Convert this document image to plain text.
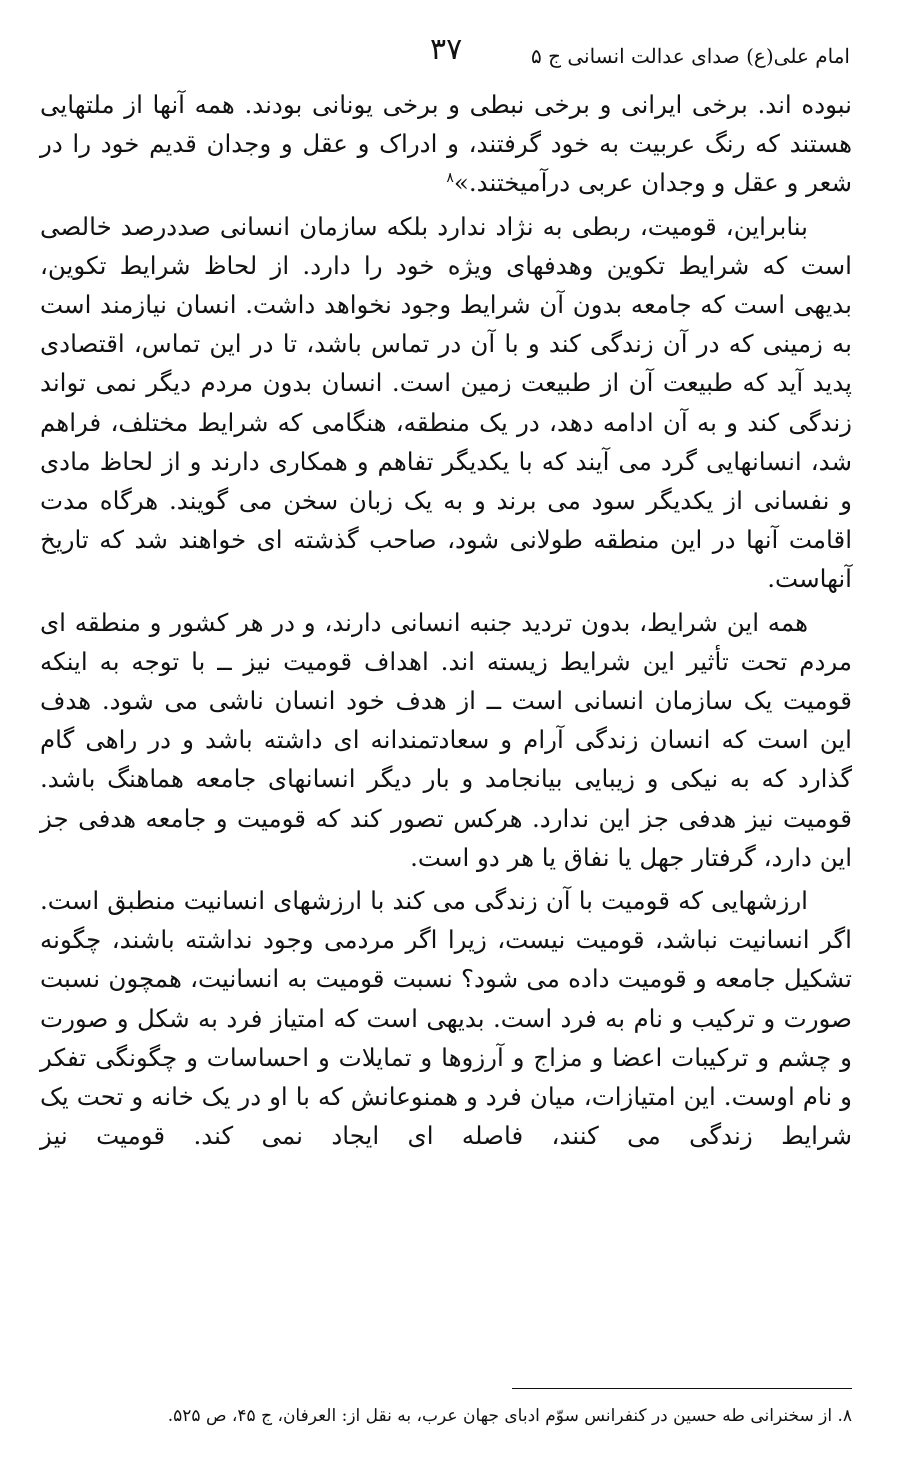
امام علی(ع) صدای عدالت انسانی ج ۵
۳۷

نبوده اند. برخی ایرانی و برخی نبطی و برخی یونانی بودند. همه آنها از ملتهایی هستند که رنگ عربیت به خود گرفتند، و ادراک و عقل و وجدان قدیم خود را در شعر و عقل و وجدان عربی درآمیختند.»$^۸$

بنابراین، قومیت، ربطی به نژاد ندارد بلکه سازمان انسانی صددرصد خالصی است که شرایط تکوین وهدفهای ویژه خود را دارد. از لحاظ شرایط تکوین، بدیهی است که جامعه بدون آن شرایط وجود نخواهد داشت. انسان نیازمند است به زمینی که در آن زندگی کند و با آن در تماس باشد، تا در این تماس، اقتصادی پدید آید که طبیعت آن از طبیعت زمین است. انسان بدون مردم دیگر نمی تواند زندگی کند و به آن ادامه دهد، در یک منطقه، هنگامی که شرایط مختلف، فراهم شد، انسانهایی گرد می آیند که با یکدیگر تفاهم و همکاری دارند و از لحاظ مادی و نفسانی از یکدیگر سود می برند و به یک زبان سخن می گویند. هرگاه مدت اقامت آنها در این منطقه طولانی شود، صاحب گذشته ای خواهند شد که تاریخ آنهاست.

همه این شرایط، بدون تردید جنبه انسانی دارند، و در هر کشور و منطقه ای مردم تحت تأثیر این شرایط زیسته اند. اهداف قومیت نیز ــ با توجه به اینکه قومیت یک سازمان انسانی است ــ از هدف خود انسان ناشی می شود. هدف این است که انسان زندگی آرام و سعادتمندانه ای داشته باشد و در راهی گام گذارد که به نیکی و زیبایی بیانجامد و بار دیگر انسانهای جامعه هماهنگ باشد. قومیت نیز هدفی جز این ندارد. هرکس تصور کند که قومیت و جامعه هدفی جز این دارد، گرفتار جهل یا نفاق یا هر دو است.

ارزشهایی که قومیت با آن زندگی می کند با ارزشهای انسانیت منطبق است. اگر انسانیت نباشد، قومیت نیست، زیرا اگر مردمی وجود نداشته باشند، چگونه تشکیل جامعه و قومیت داده می شود؟ نسبت قومیت به انسانیت، همچون نسبت صورت و ترکیب و نام به فرد است. بدیهی است که امتیاز فرد به شکل و صورت و چشم و ترکیبات اعضا و مزاج و آرزوها و تمایلات و احساسات و چگونگی تفکر و نام اوست. این امتیازات، میان فرد و همنوعانش که با او در یک خانه و تحت یک شرایط زندگی می کنند، فاصله ای ایجاد نمی کند. قومیت نیز

۸. از سخنرانی طه حسین در کنفرانس سوّم ادبای جهان عرب، به نقل از: العرفان، ج ۴۵، ص ۵۲۵.
